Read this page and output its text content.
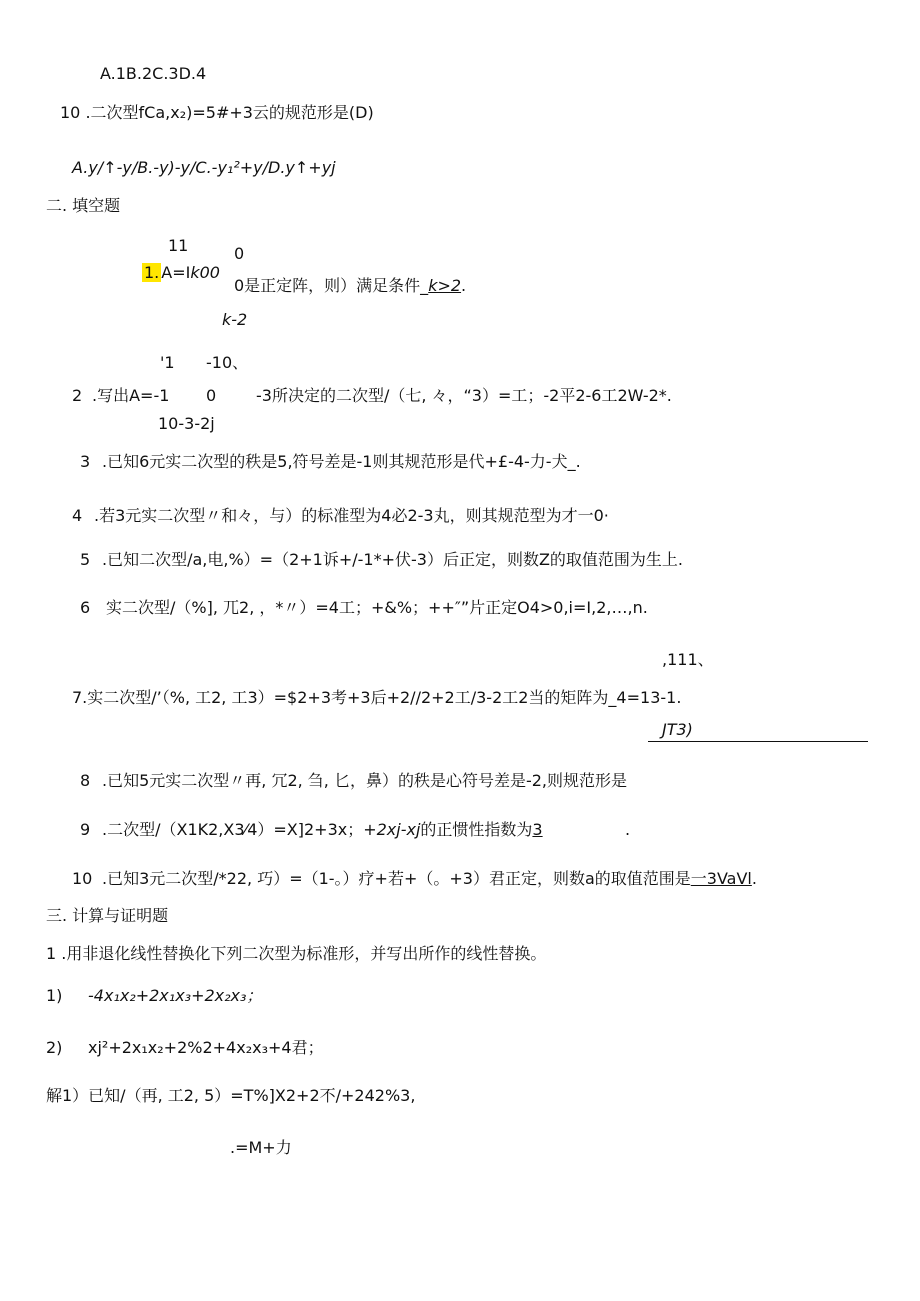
A.1B.2C.3D.4
10 .二次型fCa,x₂)=5#+3云的规范形是(D)
A.y/↑-y/B.-y)-y/C.-y₁²+y/D.y↑+yj
二. 填空题
11	0
1. A=Ik00
0是正定阵，则）满足条件_k>2.
k-2
'1 -10、
2 .写出A=-1 0 -3所决定的二次型/（七, 々，“3）=工；-2平2-6工2W-2*.
10-3-2j
3 .已知6元实二次型的秩是5,符号差是-1则其规范形是代+£-4-力-犬_.
4 .若3元实二次型〃和々，与）的标准型为4必2-3丸，则其规范型为才一0·
5 .已知二次型/a,电,%）=（2+1诉+/-1*+伏-3）后正定，则数Z的取值范围为生上.
6 实二次型/（%], 兀2, ，*〃）=4工；+&%；++″”片正定O4>0,i=I,2,…,n.
,111、
7.实二次型/’（%, 工2, 工3）=$2+3考+3后+2//2+2工/3-2工2当的矩阵为_4=13-1.
JT3)
8 .已知5元实二次型〃再, 冗2, 刍, 匕，鼻）的秩是心符号差是-2,则规范形是
9 .二次型/（X1K2,X3⁄4）=X]2+3x；+2xj-xj的正惯性指数为3	.
10 .已知3元二次型/*22, 巧）=（1-。）疗+若+（。+3）君正定，则数a的取值范围是一3VaVl.
三. 计算与证明题
1 .用非退化线性替换化下列二次型为标准形，并写出所作的线性替换。
1) -4x₁x₂+2x₁x₃+2x₂x₃；
2) xj²+2x₁x₂+2%2+4x₂x₃+4君；
解1）已知/（再, 工2, 5）=T%]X2+2不/+242%3,
.=M+力
